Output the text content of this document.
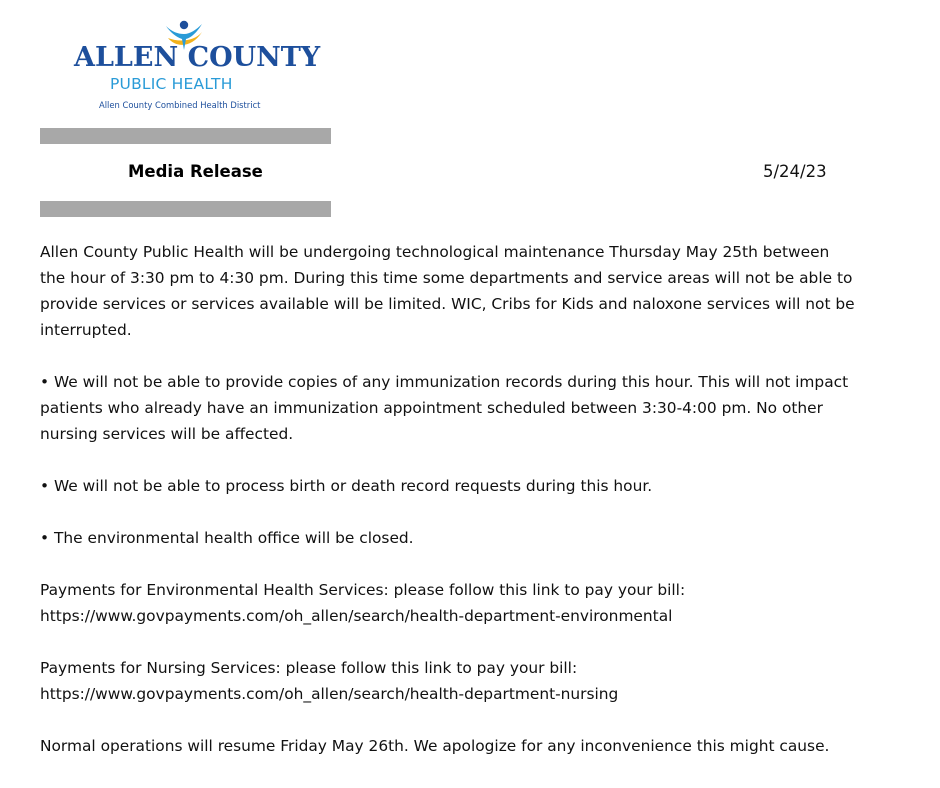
ALLEN COUNTY
PUBLIC HEALTH
Allen County Combined Health District
Media Release	5/24/23

Allen County Public Health will be undergoing technological maintenance Thursday May 25th between
the hour of 3:30 pm to 4:30 pm. During this time some departments and service areas will not be able to
provide services or services available will be limited. WIC, Cribs for Kids and naloxone services will not be
interrupted.

• We will not be able to provide copies of any immunization records during this hour. This will not impact
patients who already have an immunization appointment scheduled between 3:30-4:00 pm. No other
nursing services will be affected.

• We will not be able to process birth or death record requests during this hour.

• The environmental health office will be closed.

Payments for Environmental Health Services: please follow this link to pay your bill:
https://www.govpayments.com/oh_allen/search/health-department-environmental

Payments for Nursing Services: please follow this link to pay your bill:
https://www.govpayments.com/oh_allen/search/health-department-nursing

Normal operations will resume Friday May 26th. We apologize for any inconvenience this might cause.
